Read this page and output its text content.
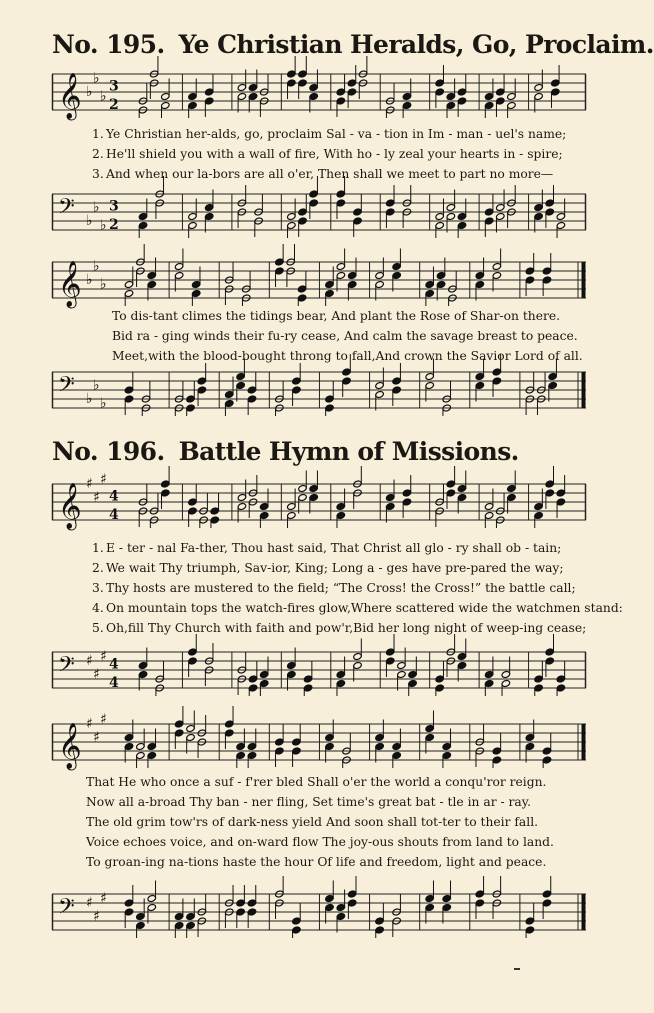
No. 195. Ye Christian Heralds, Go, Proclaim.
𝄞 ♭
♭
♭
3
2
1. Ye Christian her-alds, go, proclaim Sal - va - tion in Im - man - uel's name;
2. He'll shield you with a wall of fire, With ho - ly zeal your hearts in - spire;
3. And when our la-bors are all o'er, Then shall we meet to part no more—
𝄢 ♭
♭
♭
3
2
𝄞 ♭
♭
♭
To dis-tant climes the tidings bear, And plant the Rose of Shar-on there.
Bid ra - ging winds their fu-ry cease, And calm the savage breast to peace.
Meet,with the blood-bought throng to fall,And crown the Savior Lord of all.
𝄢 ♭
♭
♭
No. 196. Battle Hymn of Missions.
𝄞 ♯
♯
♯
4
4
1. E - ter - nal Fa-ther, Thou hast said, That Christ all glo - ry shall ob - tain;
2. We wait Thy triumph, Sav-ior, King; Long a - ges have pre-pared the way;
3. Thy hosts are mustered to the field; “The Cross! the Cross!” the battle call;
4. On mountain tops the watch-fires glow,Where scattered wide the watchmen stand:
5. Oh,fill Thy Church with faith and pow'r,Bid her long night of weep-ing cease;
𝄢 ♯
♯
♯
4
4
𝄞 ♯
♯
♯
That He who once a suf - f'rer bled Shall o'er the world a conqu'ror reign.
Now all a-broad Thy ban - ner fling, Set time's great bat - tle in ar - ray.
The old grim tow'rs of dark-ness yield And soon shall tot-ter to their fall.
Voice echoes voice, and on-ward flow The joy-ous shouts from land to land.
To groan-ing na-tions haste the hour Of life and freedom, light and peace.
𝄢 ♯
♯
♯
